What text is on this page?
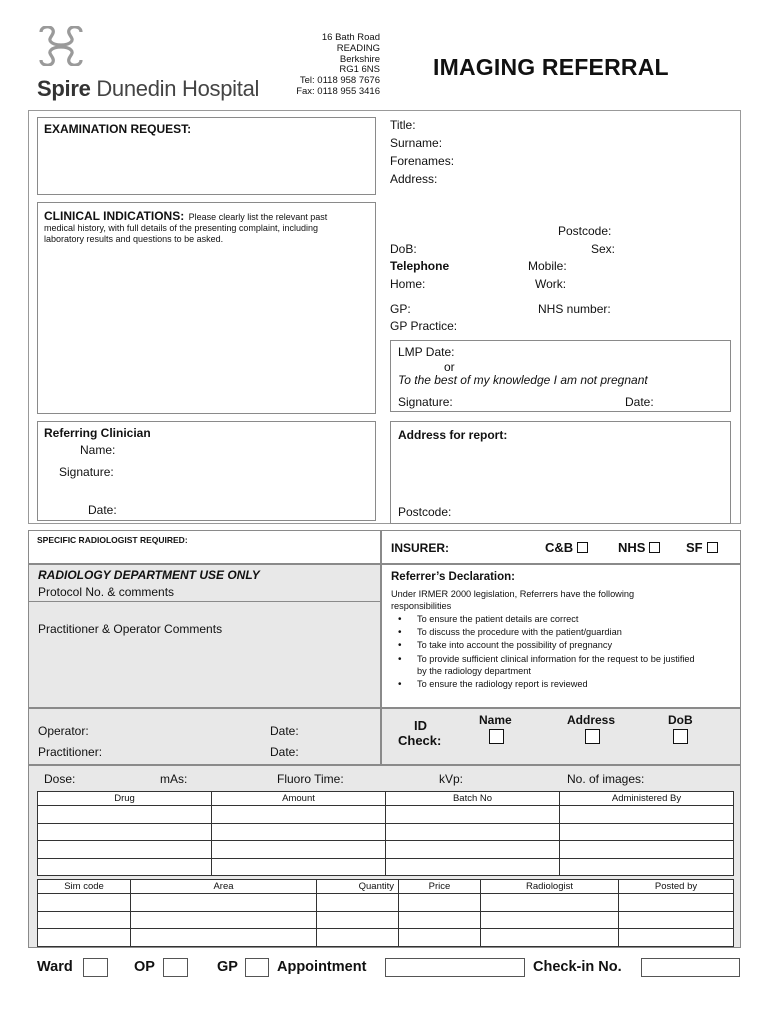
Spire Dunedin Hospital
16 Bath Road
READING
Berkshire
RG1 6NS
Tel: 0118 958 7676
Fax: 0118 955 3416
IMAGING REFERRAL
EXAMINATION REQUEST:
CLINICAL INDICATIONS: Please clearly list the relevant past
medical history, with full details of the presenting complaint, including
laboratory results and questions to be asked.
Referring Clinician
Name:
Signature:
Date:
Title:
Surname:
Forenames:
Address:
Postcode:
DoB:	Sex:
Telephone	Mobile:
Home:	Work:
GP:	NHS number:
GP Practice:
LMP Date:
or
To the best of my knowledge I am not pregnant
Signature:	Date:
Address for report:
Postcode:
SPECIFIC RADIOLOGIST REQUIRED:
INSURER:	C&B	NHS	SF
RADIOLOGY DEPARTMENT USE ONLY
Protocol No. & comments
Practitioner & Operator Comments
Referrer’s Declaration:
Under IRMER 2000 legislation, Referrers have the following
responsibilities
• To ensure the patient details are correct
• To discuss the procedure with the patient/guardian
• To take into account the possibility of pregnancy
• To provide sufficient clinical information for the request to be justified
by the radiology department
• To ensure the radiology report is reviewed
Operator:	Date:
Practitioner:	Date:
ID
Check:
Name	Address	DoB
Dose:	mAs:	Fluoro Time:	kVp:	No. of images:
Drug	Amount	Batch No	Administered By

Sim code	Area	Quantity	Price	Radiologist	Posted by

Ward	OP	GP	Appointment	Check-in No.
